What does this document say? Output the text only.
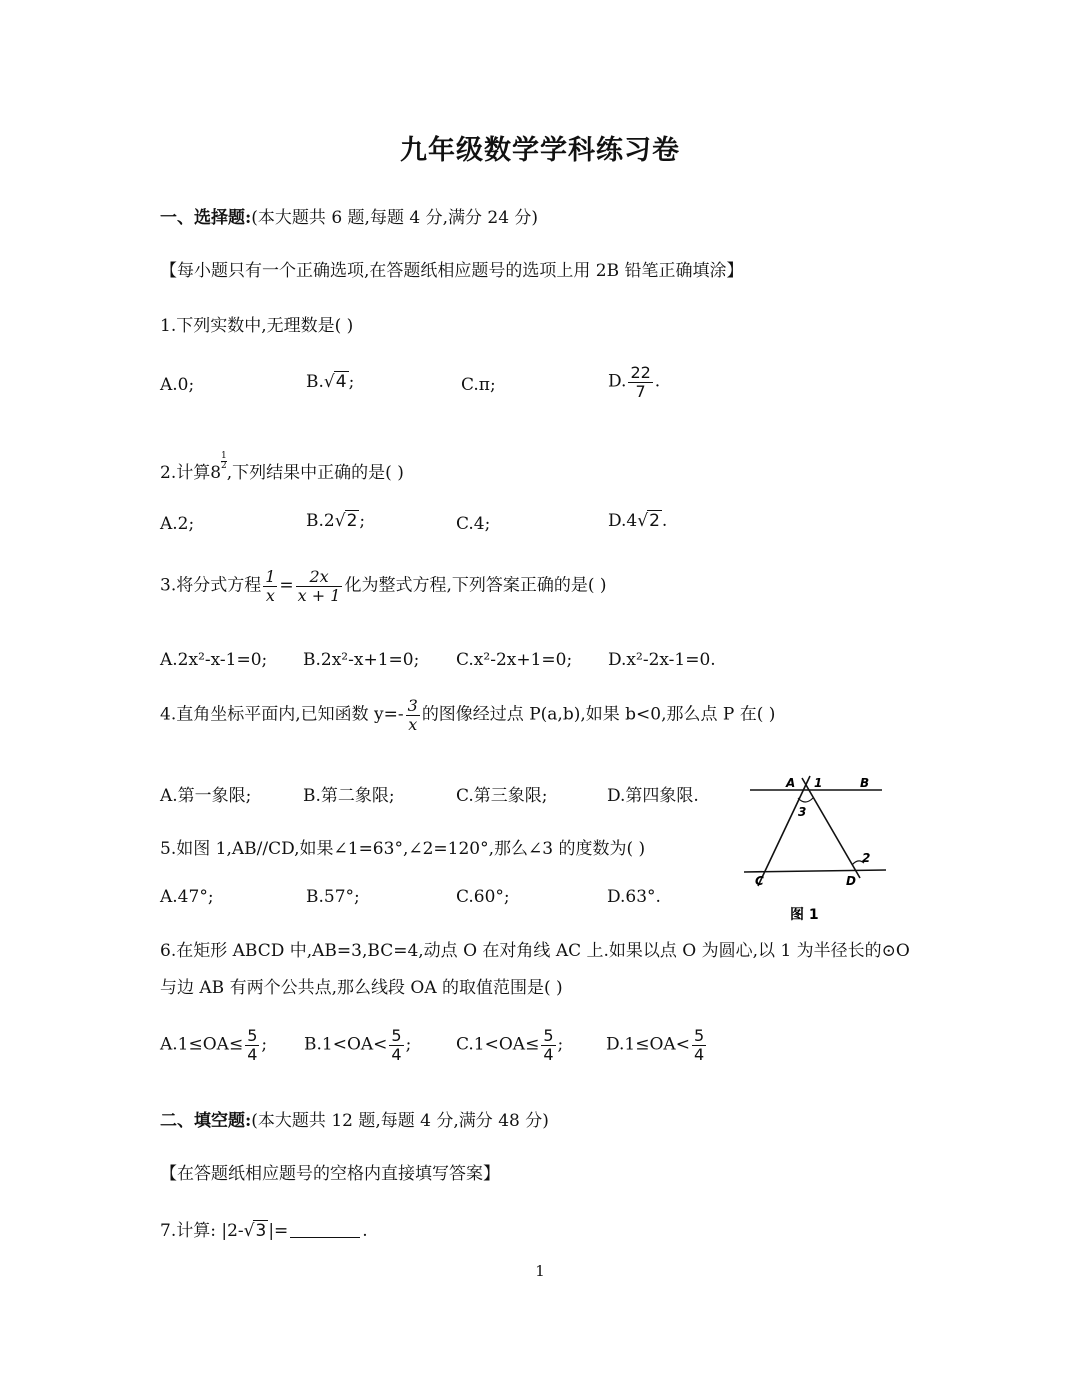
九年级数学学科练习卷
一、选择题:(本大题共 6 题,每题 4 分,满分 24 分)
【每小题只有一个正确选项,在答题纸相应题号的选项上用 2B 铅笔正确填涂】
1.下列实数中,无理数是( )
A.0;	B.√4 ;	C.π;	D. $\frac{22}{7}$ .
2.计算8
$\frac{1}{2}$
,下列结果中正确的是( )
A.2;	B.2√2 ;	C.4;	D.4√2 .
3.将分式方程 $\frac{1}{x} = \frac{2x}{x + 1}$ 化为整式方程,下列答案正确的是( )
A.2x²-x-1=0; B.2x²-x+1=0; C.x²-2x+1=0; D.x²-2x-1=0.
4.直角坐标平面内,已知函数 $y=- \frac{3}{x}$ 的图像经过点 P(a,b),如果 b<0,那么点 P 在( )
A.第一象限;	B.第二象限;	C.第三象限;	D.第四象限.
5.如图 1,AB//CD,如果∠1=63°,∠2=120°,那么∠3 的度数为( )
A.47°;	B.57°;	C.60°;	D.63°.
A 1	B
3
2
C	D
图 1
6.在矩形 ABCD 中,AB=3,BC=4,动点 O 在对角线 AC 上.如果以点 O 为圆心,以 1 为半径长的⊙O
与边 AB 有两个公共点,那么线段 OA 的取值范围是( )
$A.1\le OA\le \frac{5}{4}$ ; $B.1<OA< \frac{5}{4}$ ;	$C.1<OA\le \frac{5}{4}$ ;	$D.1\le OA< \frac{5}{4}$
二、填空题:(本大题共 12 题,每题 4 分,满分 48 分)
【在答题纸相应题号的空格内直接填写答案】
7.计算: |2-√3 |=	.
1
